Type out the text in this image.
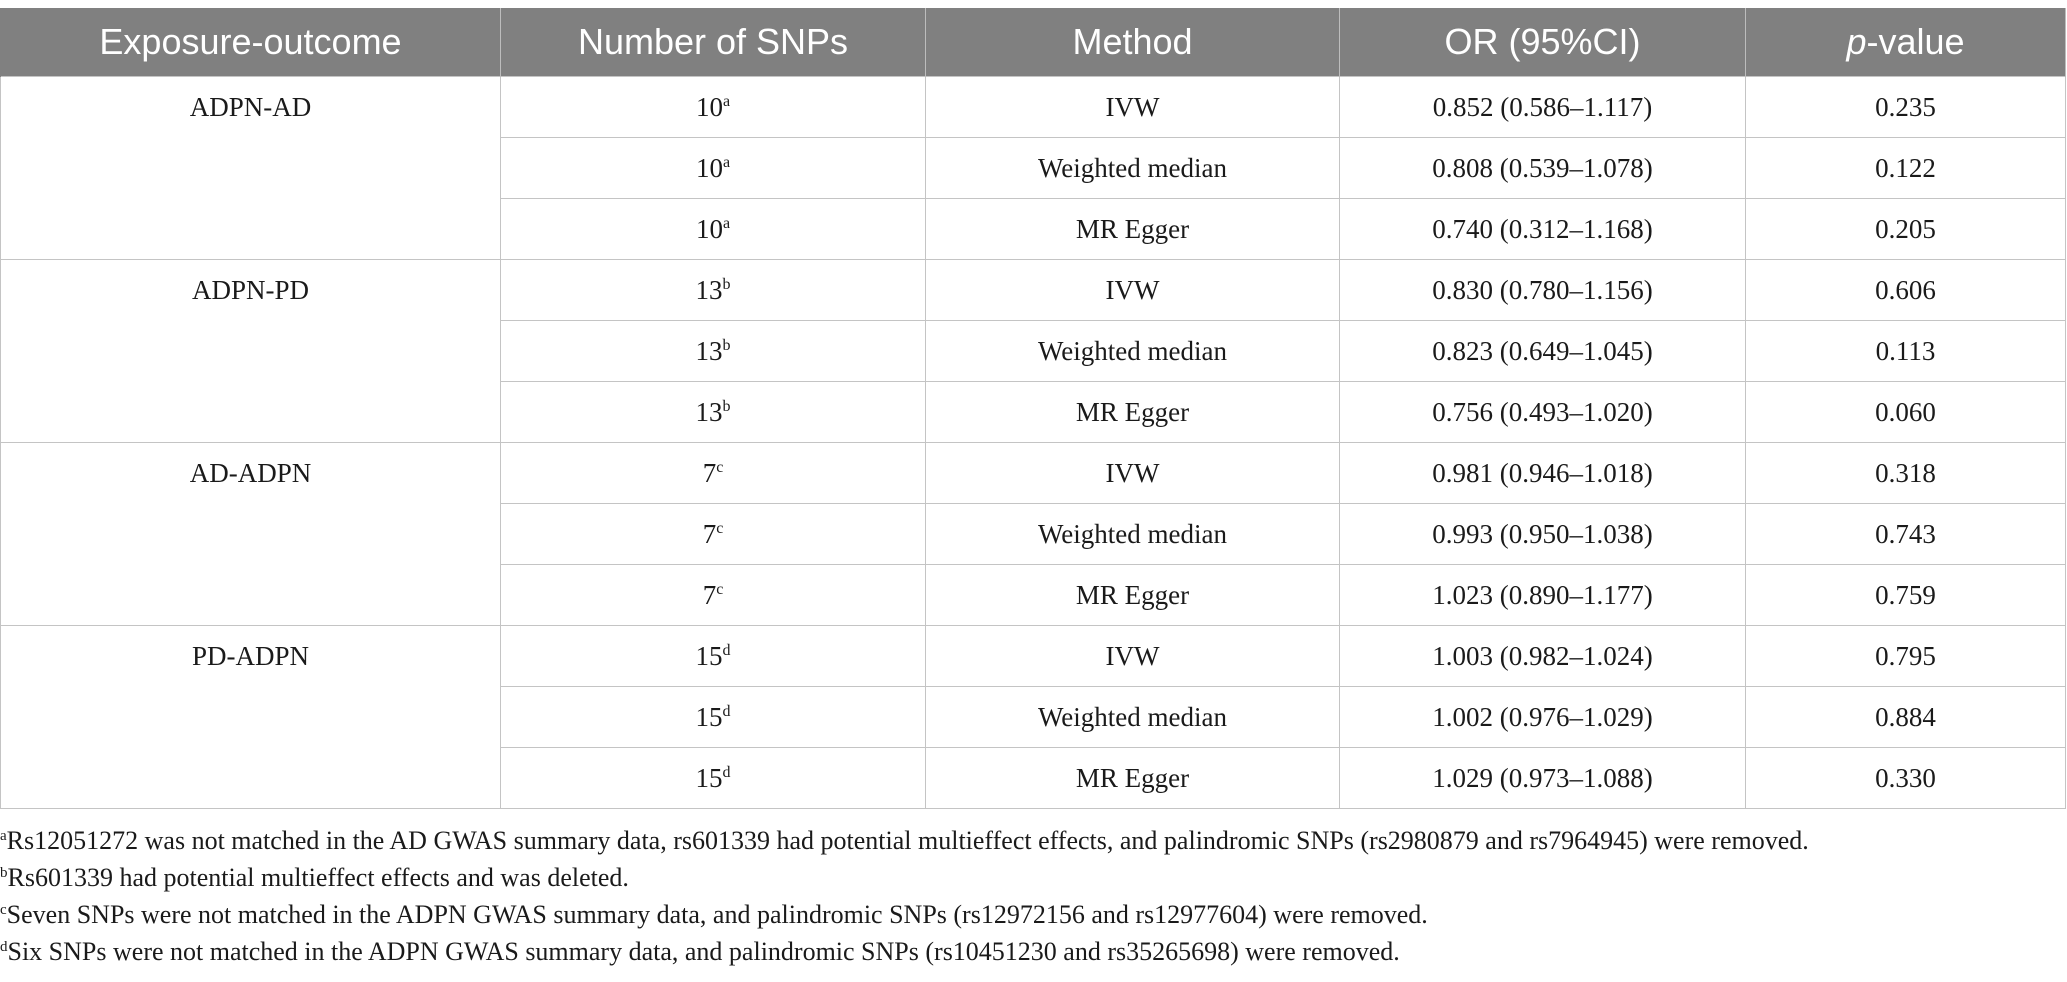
Exposure-outcome	Number of SNPs	Method	OR (95%CI)	p-value
ADPN-AD	10$^a$	IVW	0.852 (0.586–1.117)	0.235
	10$^a$	Weighted median	0.808 (0.539–1.078)	0.122
	10$^a$	MR Egger	0.740 (0.312–1.168)	0.205
ADPN-PD	13$^b$	IVW	0.830 (0.780–1.156)	0.606
	13$^b$	Weighted median	0.823 (0.649–1.045)	0.113
	13$^b$	MR Egger	0.756 (0.493–1.020)	0.060
AD-ADPN	7$^c$	IVW	0.981 (0.946–1.018)	0.318
	7$^c$	Weighted median	0.993 (0.950–1.038)	0.743
	7$^c$	MR Egger	1.023 (0.890–1.177)	0.759
PD-ADPN	15$^d$	IVW	1.003 (0.982–1.024)	0.795
	15$^d$	Weighted median	1.002 (0.976–1.029)	0.884
	15$^d$	MR Egger	1.029 (0.973–1.088)	0.330
$^a$Rs12051272 was not matched in the AD GWAS summary data, rs601339 had potential multieffect effects, and palindromic SNPs (rs2980879 and rs7964945) were removed.
$^b$Rs601339 had potential multieffect effects and was deleted.
$^c$Seven SNPs were not matched in the ADPN GWAS summary data, and palindromic SNPs (rs12972156 and rs12977604) were removed.
$^d$Six SNPs were not matched in the ADPN GWAS summary data, and palindromic SNPs (rs10451230 and rs35265698) were removed.
